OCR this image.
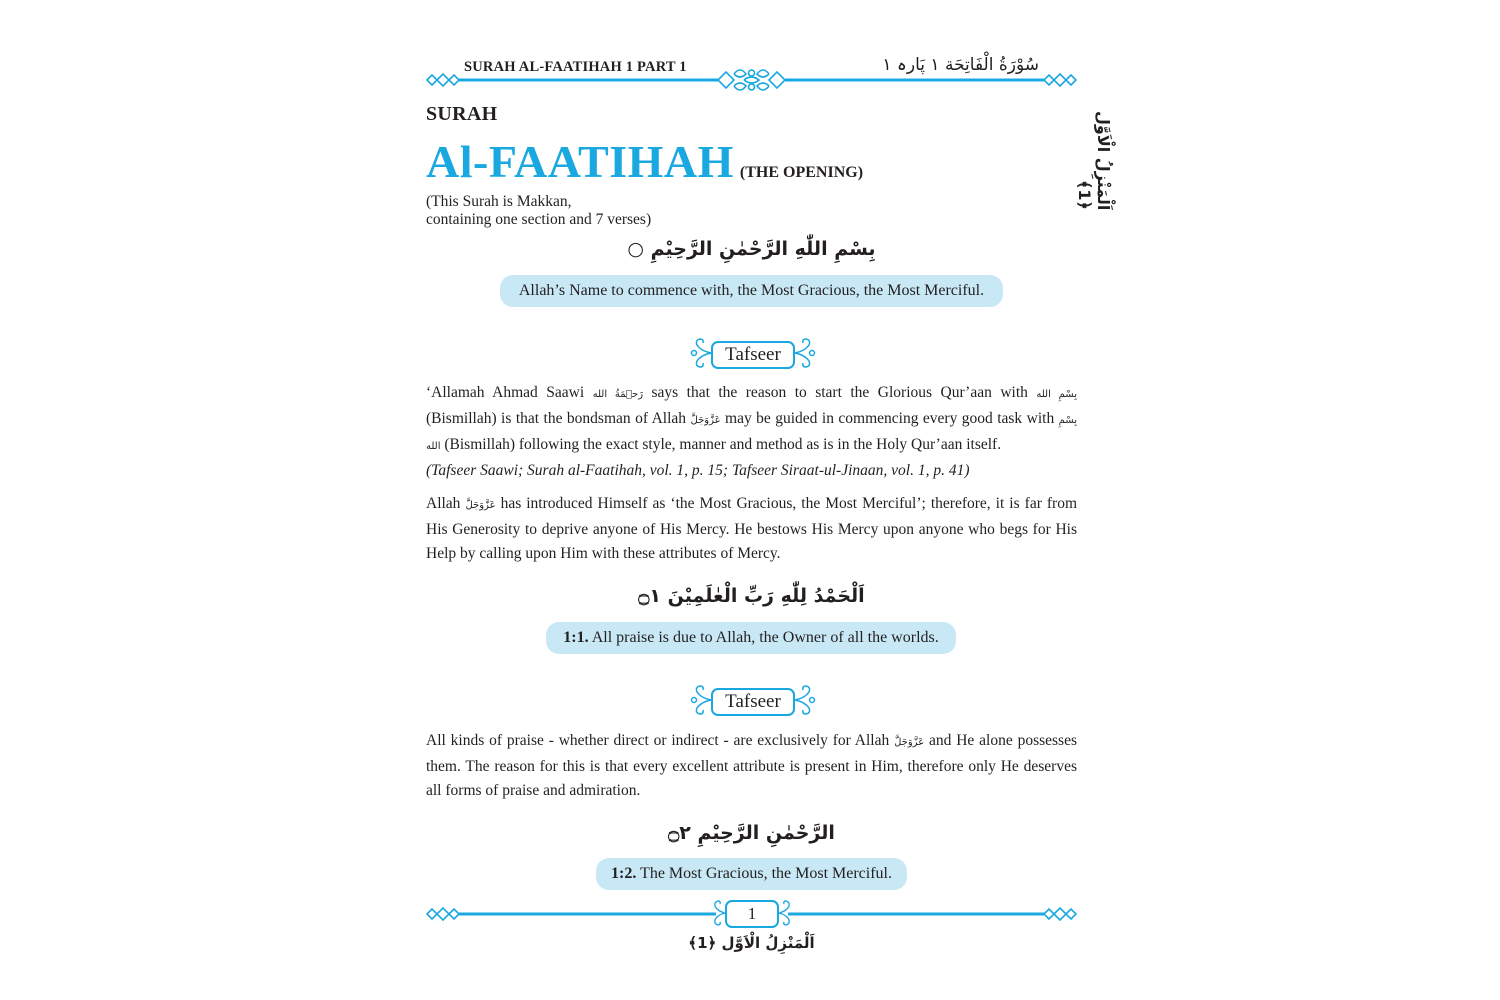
SURAH AL-FAATIHAH 1 PART 1	سُوْرَةُ الْفَاتِحَة ١ پَارہ ١
SURAH
Al-FAATIHAH (THE OPENING)
(This Surah is Makkan,
containing one section and 7 verses)
بِسْمِ اللّٰهِ الرَّحْمٰنِ الرَّحِيْمِ ○
Allah’s Name to commence with, the Most Gracious, the Most Merciful.
Tafseer
‘Allamah Ahmad Saawi رَحۡمَةُ الله says that the reason to start the Glorious Qur’aan with بِسْمِ الله (Bismillah) is that the bondsman of Allah عَزَّوَجَلَّ may be guided in commencing every good task with بِسْمِ الله (Bismillah) following the exact style, manner and method as is in the Holy Qur’aan itself.
(Tafseer Saawi; Surah al-Faatihah, vol. 1, p. 15; Tafseer Siraat-ul-Jinaan, vol. 1, p. 41)
Allah عَزَّوَجَلَّ has introduced Himself as ‘the Most Gracious, the Most Merciful’; therefore, it is far from His Generosity to deprive anyone of His Mercy. He bestows His Mercy upon anyone who begs for His Help by calling upon Him with these attributes of Mercy.
اَلْحَمْدُ لِلّٰهِ رَبِّ الْعٰلَمِيْنَ ۝١
1:1. All praise is due to Allah, the Owner of all the worlds.
Tafseer
All kinds of praise - whether direct or indirect - are exclusively for Allah عَزَّوَجَلَّ and He alone possesses them. The reason for this is that every excellent attribute is present in Him, therefore only He deserves all forms of praise and admiration.
الرَّحْمٰنِ الرَّحِيْمِ ۝٢
1:2. The Most Gracious, the Most Merciful.
1
اَلْمَنْزِلُ الْاَوَّل ﴿1﴾
اَلْمَنْزِلُ الْاَوَّل ﴿1﴾
